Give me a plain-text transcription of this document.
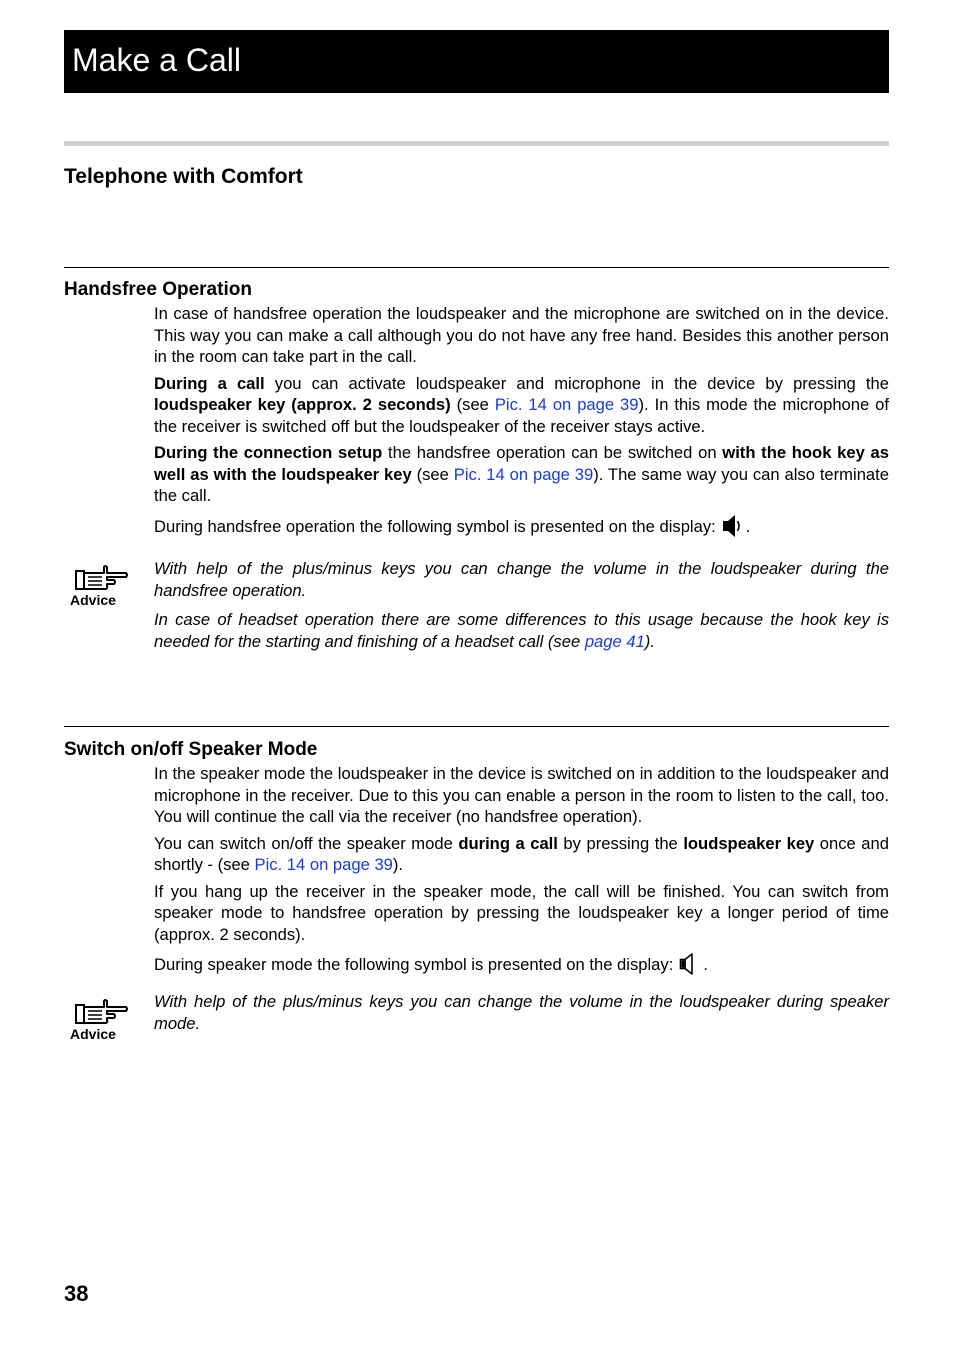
Make a Call
Telephone with Comfort
Handsfree Operation

In case of handsfree operation the loudspeaker and the microphone are switched on in the device. This way you can make a call although you do not have any free hand. Besides this another person in the room can take part in the call.

During a call you can activate loudspeaker and microphone in the device by pressing the loudspeaker key (approx. 2 seconds) (see Pic. 14 on page 39). In this mode the microphone of the receiver is switched off but the loudspeaker of the receiver stays active.

During the connection setup the handsfree operation can be switched on with the hook key as well as with the loudspeaker key (see Pic. 14 on page 39). The same way you can also terminate the call.

During handsfree operation the following symbol is presented on the display: .

Advice

With help of the plus/minus keys you can change the volume in the loudspeaker during the handsfree operation.

In case of headset operation there are some differences to this usage because the hook key is needed for the starting and finishing of a headset call (see page 41).

Switch on/off Speaker Mode

In the speaker mode the loudspeaker in the device is switched on in addition to the loudspeaker and microphone in the receiver. Due to this you can enable a person in the room to listen to the call, too. You will continue the call via the receiver (no handsfree operation).

You can switch on/off the speaker mode during a call by pressing the loudspeaker key once and shortly - (see Pic. 14 on page 39).

If you hang up the receiver in the speaker mode, the call will be finished. You can switch from speaker mode to handsfree operation by pressing the loudspeaker key a longer period of time (approx. 2 seconds).

During speaker mode the following symbol is presented on the display: .

Advice

With help of the plus/minus keys you can change the volume in the loudspeaker during speaker mode.

38
